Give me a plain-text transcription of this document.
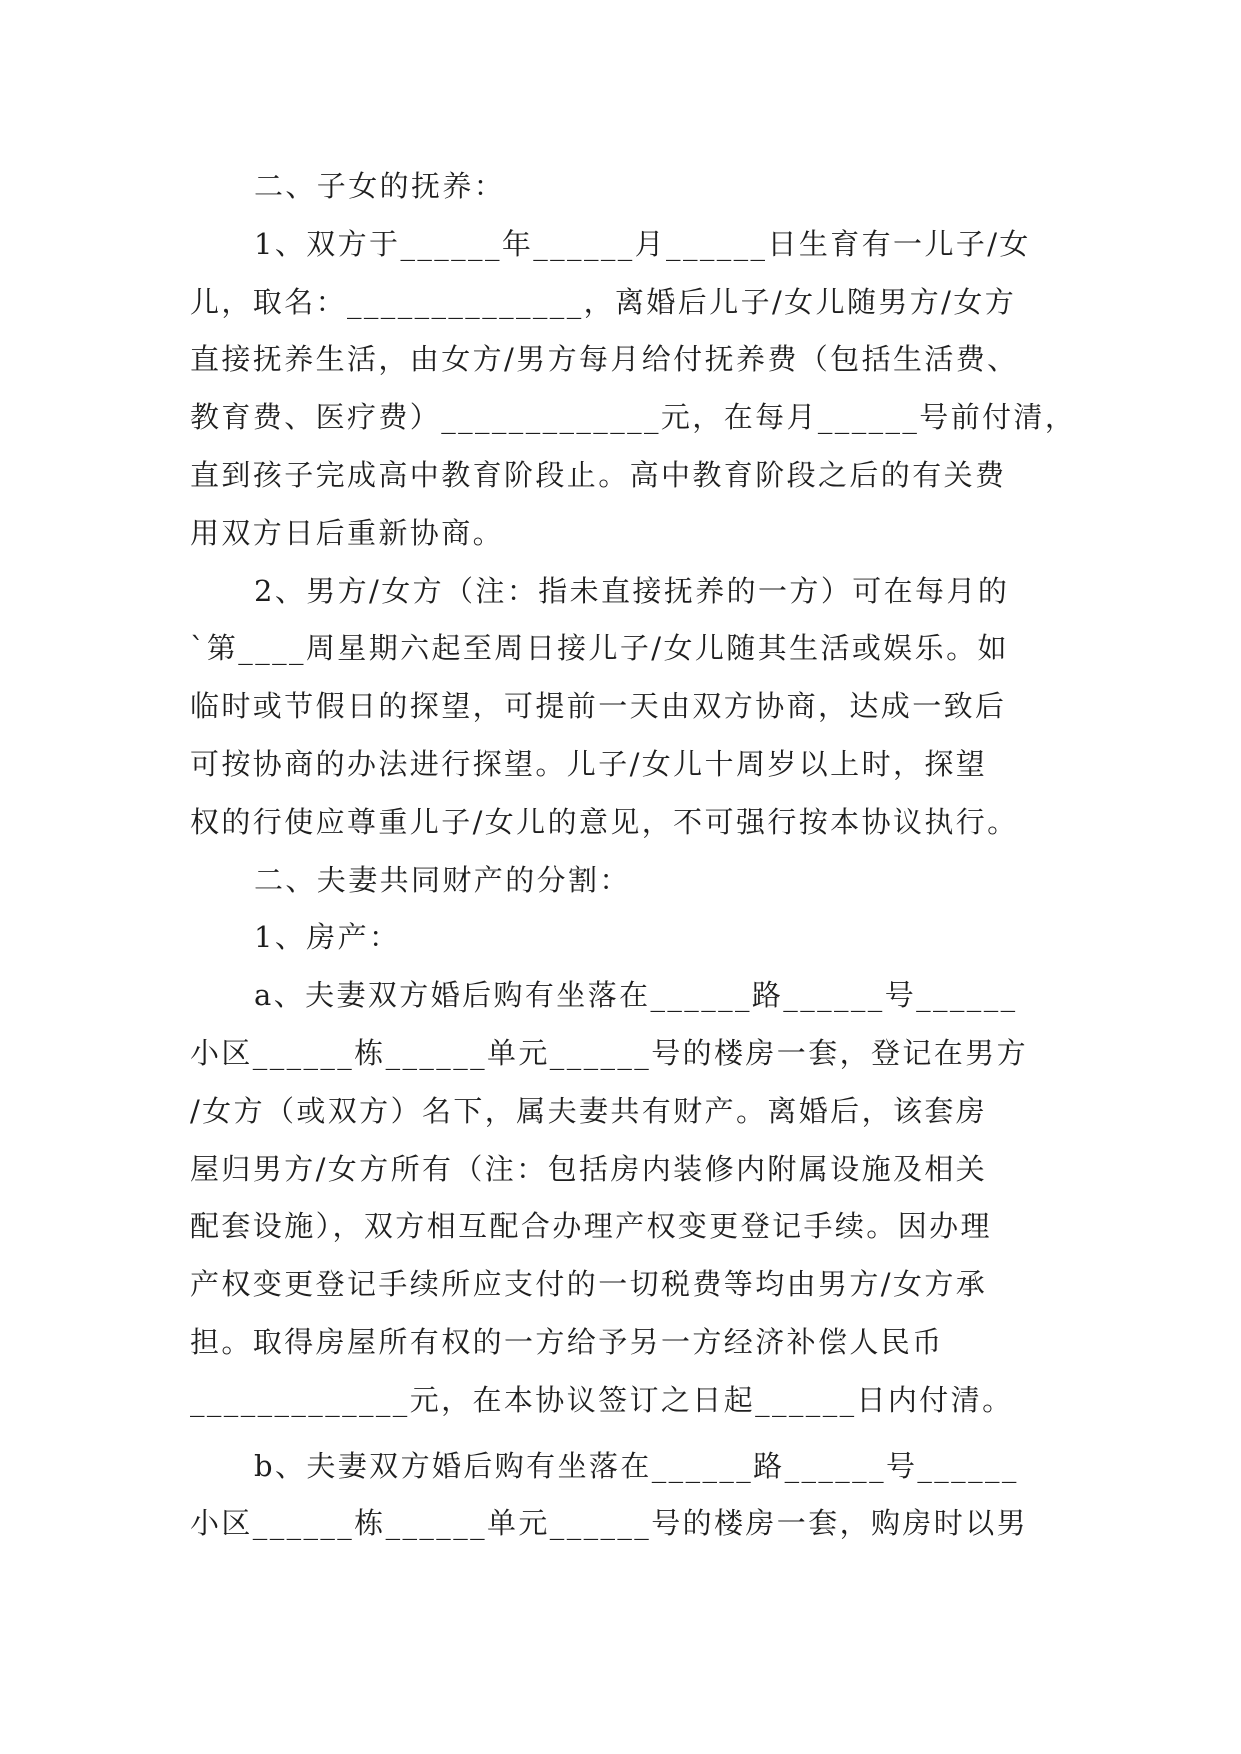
二、子女的抚养：
1、双方于______年______月______日生育有一儿子/女
儿，取名：______________，离婚后儿子/女儿随男方/女方
直接抚养生活，由女方/男方每月给付抚养费（包括生活费、
教育费、医疗费）_____________元，在每月______号前付清，
直到孩子完成高中教育阶段止。高中教育阶段之后的有关费
用双方日后重新协商。
2、男方/女方（注：指未直接抚养的一方）可在每月的
`第____周星期六起至周日接儿子/女儿随其生活或娱乐。如
临时或节假日的探望，可提前一天由双方协商，达成一致后
可按协商的办法进行探望。儿子/女儿十周岁以上时，探望
权的行使应尊重儿子/女儿的意见，不可强行按本协议执行。
二、夫妻共同财产的分割：
1、房产：
a、夫妻双方婚后购有坐落在______路______号______
小区______栋______单元______号的楼房一套，登记在男方
/女方（或双方）名下，属夫妻共有财产。离婚后，该套房
屋归男方/女方所有（注：包括房内装修内附属设施及相关
配套设施），双方相互配合办理产权变更登记手续。因办理
产权变更登记手续所应支付的一切税费等均由男方/女方承
担。取得房屋所有权的一方给予另一方经济补偿人民币
_____________元，在本协议签订之日起______日内付清。
b、夫妻双方婚后购有坐落在______路______号______
小区______栋______单元______号的楼房一套，购房时以男
